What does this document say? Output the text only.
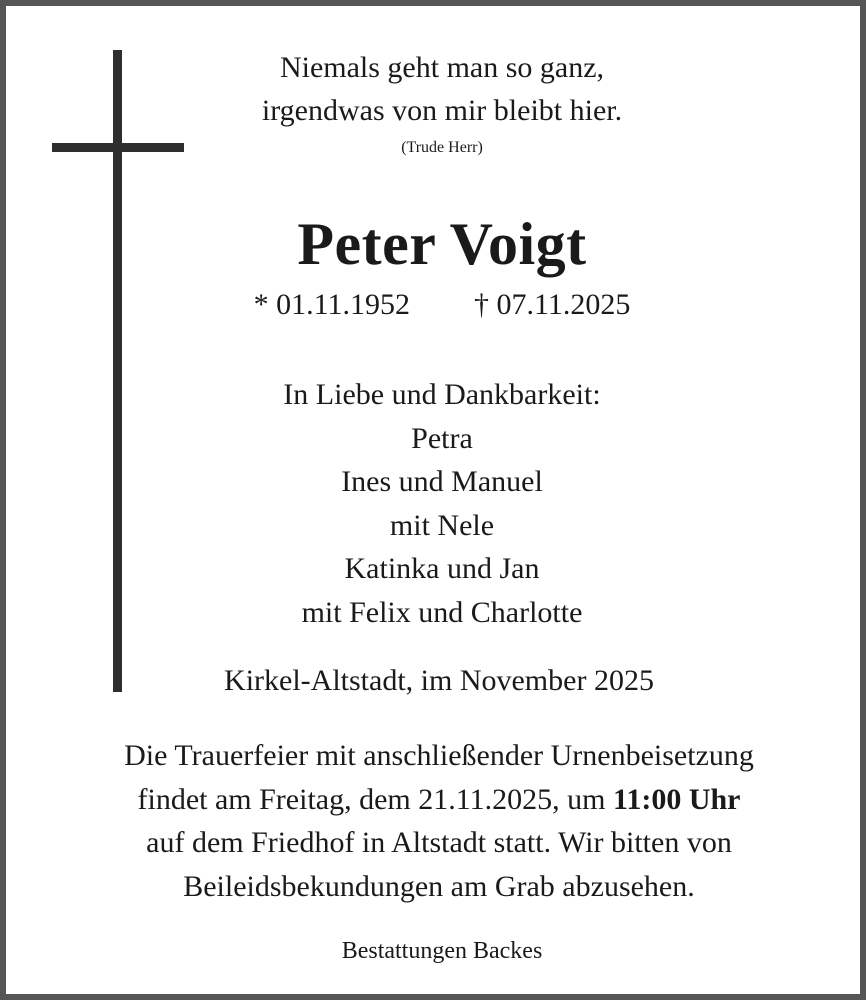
Niemals geht man so ganz,
irgendwas von mir bleibt hier.
(Trude Herr)
Peter Voigt
* 01.11.1952 † 07.11.2025
In Liebe und Dankbarkeit:
Petra
Ines und Manuel
mit Nele
Katinka und Jan
mit Felix und Charlotte
Kirkel-Altstadt, im November 2025
Die Trauerfeier mit anschließender Urnenbeisetzung
findet am Freitag, dem 21.11.2025, um 11:00 Uhr
auf dem Friedhof in Altstadt statt. Wir bitten von
Beileidsbekundungen am Grab abzusehen.
Bestattungen Backes
